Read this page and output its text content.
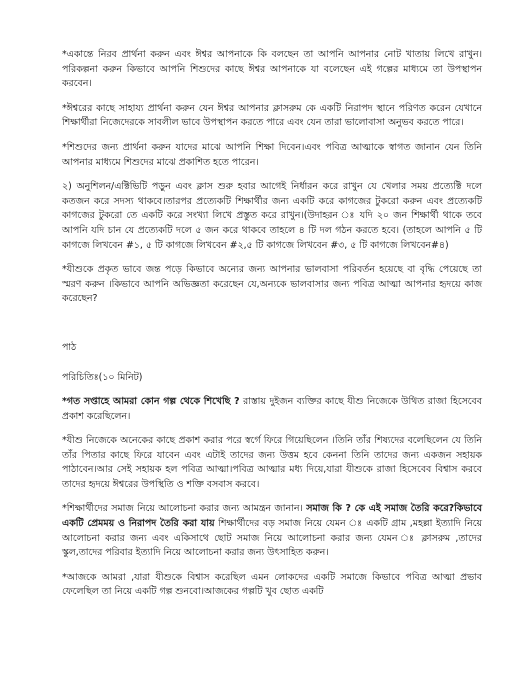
*একান্তে নিরব প্রার্থনা করুন এবং ঈশ্বর আপনাকে কি বলছেন তা আপনি আপনার নোট খাতায় লিখে রাখুন।পরিকল্পনা করুন কিভাবে আপনি শিশুদের কাছে ঈশ্বর আপনাকে যা বলেছেন এই গল্পের মাধ্যমে তা উপস্থাপন করবেন।

*ঈশ্বরের কাছে সাহায্য প্রার্থনা করুন যেন ঈশ্বর আপনার ক্লাসরুম কে একটি নিরাপদ স্থানে পরিণত করেন যেখানে শিক্ষার্থীরা নিজেদেরকে সাবলীল ভাবে উপস্থাপন করতে পারে এবং যেন তারা ভালোবাসা অনুভব করতে পারে।

*শিশুদের জন্য প্রার্থনা করুন যাদের মাঝে আপনি শিক্ষা দিবেন।এবং পবিত্র আত্মাকে স্বাগত জানান যেন তিনি আপনার মাধ্যমে শিশুদের মাঝে প্রকাশিত হতে পারেন।

২) অনুশিলন/এক্টিভিটি পড়ুন এবং ক্লাস শুরু হবার আগেই নির্ধারন করে রাখুন যে খেলার সময় প্রত্যেক্টি দলে কতজন করে সদস্য থাকবে।তারপর প্রত্যেকটি শিক্ষার্থীর জন্য একটি করে কাগজের টুকরো করুন এবং প্রত্যেকটি কাগজের টুকরো তে একটি করে সংখ্যা লিখে প্রস্তুত করে রাখুন।(উদাহরন ঃ যদি ২০ জন শিক্ষার্থী থাকে তবে আপনি যদি চান যে প্রত্যেকটি দলে ৫ জন করে থাকবে তাহলে ৪ টি দল গঠন করতে হবে। (তাহলে আপনি ৫ টি কাগজে লিখবেন #১, ৫ টি কাগজে লিখবেন #২,৫ টি কাগজে লিখবেন #৩, ৫ টি কাগজে লিখবেন#৪)

*যীশুকে প্রকৃত ভাবে জন্ত পড়ে কিভাবে অন্যের জন্য আপনার ভালবাসা পরিবর্তন হয়েছে বা বৃদ্ধি পেয়েছে তা স্মরণ করুন ।কিভাবে আপনি অভিজ্ঞতা করেছেন যে,অন্যকে ভালবাসার জন্য পবিত্র আত্মা আপনার হৃদয়ে কাজ করেছেন?

পাঠ
পরিচিতিঃ(১০ মিনিট)

*গত সপ্তাহে আমরা কোন গল্প থেকে শিখেছি ? রাস্তায় দুইজন ব্যক্তির কাছে যীশু নিজেকে উথিত রাজা হিসেবেব প্রকাশ করেছিলেন।

*যীশু নিজেকে অনেকের কাছে প্রকাশ করার পরে স্বর্গে ফিরে গিয়েছিলেন ।তিনি তাঁর শিষ্যদের বলেছিলেন যে তিনি তাঁর পিতার কাছে ফিরে যাবেন এবং এটাই তাদের জন্য উত্তম হবে কেননা তিনি তাদের জন্য একজন সহায়ক পাঠাবেন।আর সেই সহায়ক হল পবিত্র আত্মা।পবিত্র আত্মার মধ্য দিয়ে,যারা যীশুকে রাজা হিসেবেব বিশ্বাস করবে তাদের হৃদয়ে ঈশ্বরের উপস্থিতি ও শক্তি বসবাস করবে।

*শিক্ষার্থীদের সমাজ নিয়ে আলোচনা করার জন্য আমন্ত্রন জানান। সমাজ কি ? কে এই সমাজ তৈরি করে?কিভাবে একটি প্রেমময় ও নিরাপদ তৈরি করা যায় শিক্ষার্থীদের বড় সমাজ নিয়ে যেমন ঃ একটি গ্রাম ,মহল্লা ইত্যাদি নিয়ে আলোচনা করার জন্য এবং একিসাথে ছোট সমাজ নিয়ে আলোচনা করার জন্য যেমন ঃ ক্লাসরুম ,তাদের স্কুল,তাদের পরিবার ইত্যাদি নিয়ে আলোচনা করার জন্য উৎসাহিত করুন।

*আজকে আমরা ,যারা যীশুকে বিশ্বাস করেছিল এমন লোকদের একটি সমাজে কিভাবে পবিত্র আত্মা প্রভাব ফেলেছিল তা নিয়ে একটি গল্প শুনবো।আজকের গল্পটি খুব ছোত একটি
